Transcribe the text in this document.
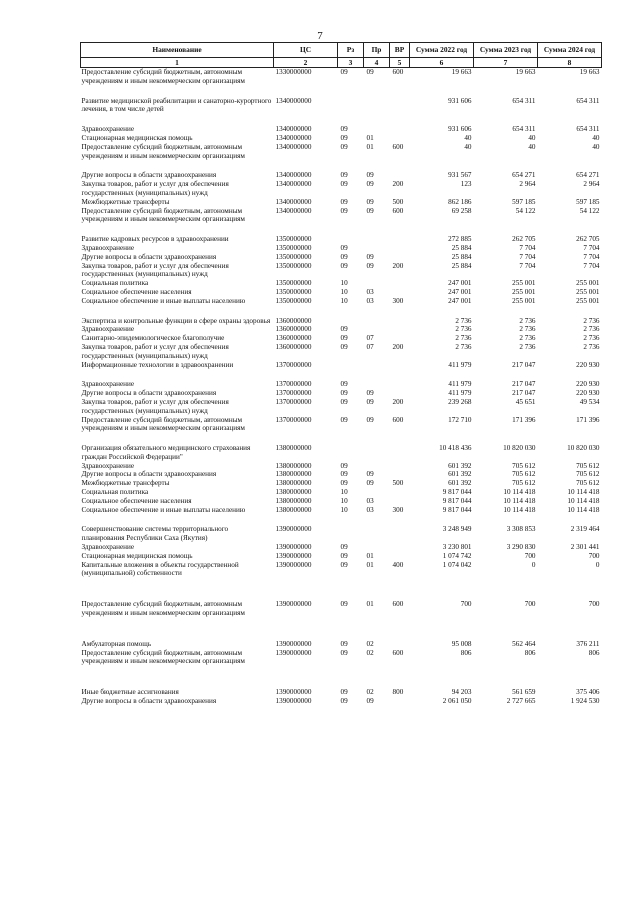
7
Наименование	ЦС	Рз	Пр	ВР	Сумма 2022 год	Сумма 2023 год	Сумма 2024 год
1	2	3	4	5	6	7	8
Предоставление субсидий бюджетным, автономным учреждениям и иным некоммерческим организациям	1330000000	09	09	600	19 663	19 663	19 663

Развитие медицинской реабилитации и санаторно-курортного лечения, в том числе детей	1340000000				931 606	654 311	654 311

Здравоохранение	1340000000	09			931 606	654 311	654 311
Стационарная медицинская помощь	1340000000	09	01		40	40	40
Предоставление субсидий бюджетным, автономным учреждениям и иным некоммерческим организациям	1340000000	09	01	600	40	40	40

Другие вопросы в области здравоохранения	1340000000	09	09		931 567	654 271	654 271
Закупка товаров, работ и услуг для обеспечения государственных (муниципальных) нужд	1340000000	09	09	200	123	2 964	2 964
Межбюджетные трансферты	1340000000	09	09	500	862 186	597 185	597 185
Предоставление субсидий бюджетным, автономным учреждениям и иным некоммерческим организациям	1340000000	09	09	600	69 258	54 122	54 122

Развитие кадровых ресурсов в здравоохранении	1350000000				272 885	262 705	262 705
Здравоохранение	1350000000	09			25 884	7 704	7 704
Другие вопросы в области здравоохранения	1350000000	09	09		25 884	7 704	7 704
Закупка товаров, работ и услуг для обеспечения государственных (муниципальных) нужд	1350000000	09	09	200	25 884	7 704	7 704
Социальная политика	1350000000	10			247 001	255 001	255 001
Социальное обеспечение населения	1350000000	10	03		247 001	255 001	255 001
Социальное обеспечение и иные выплаты населению	1350000000	10	03	300	247 001	255 001	255 001

Экспертиза и контрольные функции в сфере охраны здоровья	1360000000				2 736	2 736	2 736
Здравоохранение	1360000000	09			2 736	2 736	2 736
Санитарно-эпидемиологическое благополучие	1360000000	09	07		2 736	2 736	2 736
Закупка товаров, работ и услуг для обеспечения государственных (муниципальных) нужд	1360000000	09	07	200	2 736	2 736	2 736
Информационные технологии в здравоохранении	1370000000				411 979	217 047	220 930

Здравоохранение	1370000000	09			411 979	217 047	220 930
Другие вопросы в области здравоохранения	1370000000	09	09		411 979	217 047	220 930
Закупка товаров, работ и услуг для обеспечения государственных (муниципальных) нужд	1370000000	09	09	200	239 268	45 651	49 534
Предоставление субсидий бюджетным, автономным учреждениям и иным некоммерческим организациям	1370000000	09	09	600	172 710	171 396	171 396

Организация обязательного медицинского страхования граждан Российской Федерации"	1380000000				10 418 436	10 820 030	10 820 030
Здравоохранение	1380000000	09			601 392	705 612	705 612
Другие вопросы в области здравоохранения	1380000000	09	09		601 392	705 612	705 612
Межбюджетные трансферты	1380000000	09	09	500	601 392	705 612	705 612
Социальная политика	1380000000	10			9 817 044	10 114 418	10 114 418
Социальное обеспечение населения	1380000000	10	03		9 817 044	10 114 418	10 114 418
Социальное обеспечение и иные выплаты населению	1380000000	10	03	300	9 817 044	10 114 418	10 114 418

Совершенствование системы территориального планирования Республики Саха (Якутия)	1390000000				3 248 949	3 308 853	2 319 464
Здравоохранение	1390000000	09			3 230 801	3 290 830	2 301 441
Стационарная медицинская помощь	1390000000	09	01		1 074 742	700	700
Капитальные вложения в объекты государственной (муниципальной) собственности	1390000000	09	01	400	1 074 042	0	0

Предоставление субсидий бюджетным, автономным учреждениям и иным некоммерческим организациям	1390000000	09	01	600	700	700	700

Амбулаторная помощь	1390000000	09	02		95 008	562 464	376 211
Предоставление субсидий бюджетным, автономным учреждениям и иным некоммерческим организациям	1390000000	09	02	600	806	806	806

Иные бюджетные ассигнования	1390000000	09	02	800	94 203	561 659	375 406
Другие вопросы в области здравоохранения	1390000000	09	09		2 061 050	2 727 665	1 924 530
